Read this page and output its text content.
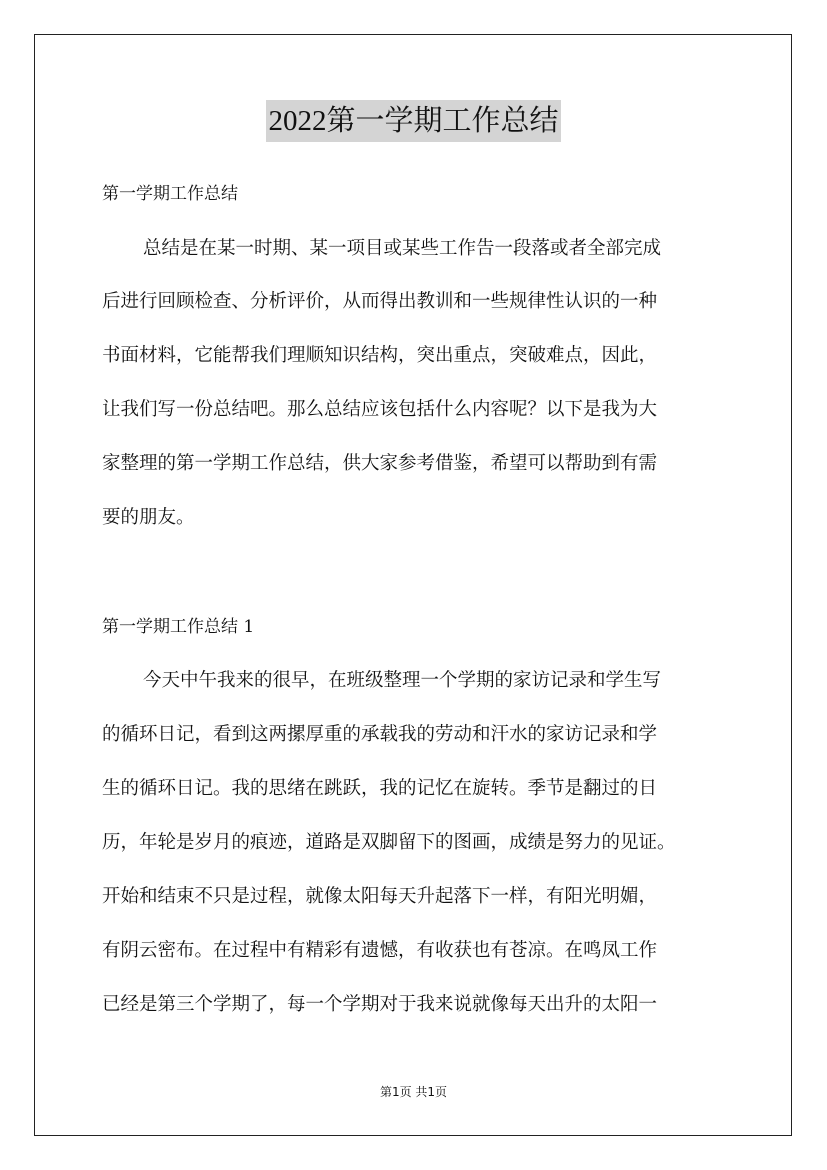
2022第一学期工作总结
第一学期工作总结
总结是在某一时期、某一项目或某些工作告一段落或者全部完成
后进行回顾检查、分析评价，从而得出教训和一些规律性认识的一种
书面材料，它能帮我们理顺知识结构，突出重点，突破难点，因此，
让我们写一份总结吧。那么总结应该包括什么内容呢？以下是我为大
家整理的第一学期工作总结，供大家参考借鉴，希望可以帮助到有需
要的朋友。
第一学期工作总结 1
今天中午我来的很早，在班级整理一个学期的家访记录和学生写
的循环日记，看到这两摞厚重的承载我的劳动和汗水的家访记录和学
生的循环日记。我的思绪在跳跃，我的记忆在旋转。季节是翻过的日
历，年轮是岁月的痕迹，道路是双脚留下的图画，成绩是努力的见证。
开始和结束不只是过程，就像太阳每天升起落下一样，有阳光明媚，
有阴云密布。在过程中有精彩有遗憾，有收获也有苍凉。在鸣凤工作
已经是第三个学期了，每一个学期对于我来说就像每天出升的太阳一
第1页 共1页
